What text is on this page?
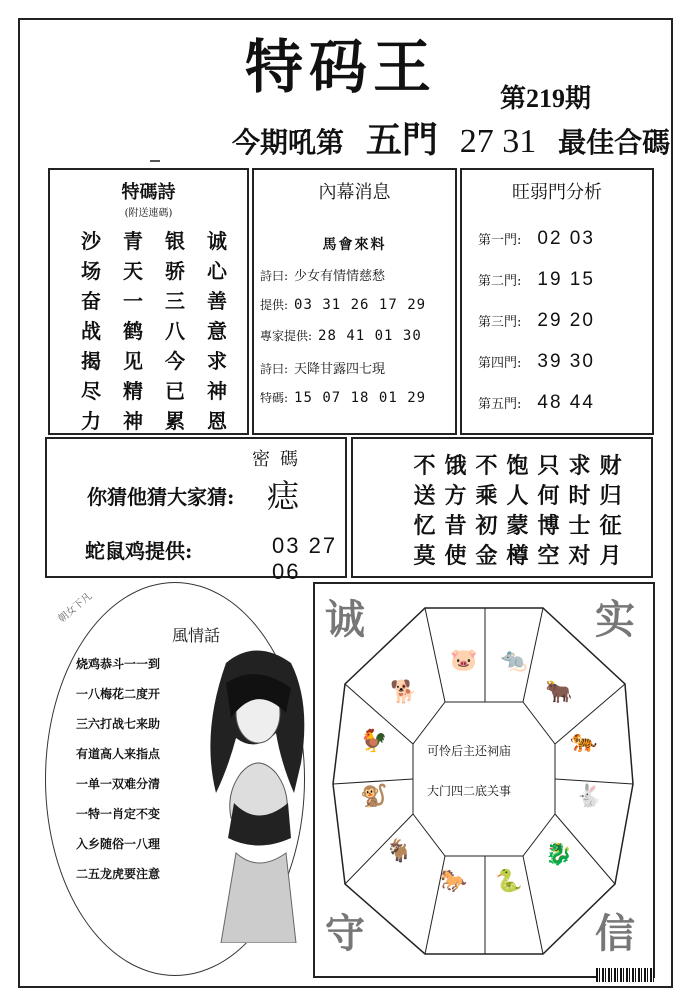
特码王 第219期
今期吼第 五門 27 31 最佳合碼
特碼詩
(附送連碼)
沙	青	银	诚
场	天	骄	心
奋	一	三	善
战	鹤	八	意
揭	见	今	求
尽	精	已	神
力	神	累	恩
內幕消息
馬會來料
詩曰: 少女有情情慈愁
提供: 03 31 26 17 29
專家提供: 28 41 01 30
詩曰: 天降甘露四七現
特碼: 15 07 18 01 29
旺弱門分析
第一門: 02 03
第二門: 19 15
第三門: 29 20
第四門: 39 30
第五門: 48 44
密碼
你猜他猜大家猜: 痣
蛇鼠鸡提供:	03 27 06
不 饿 不 饱 只 求 财
送 方 乘 人 何 时 归
忆 昔 初 蒙 博 士 征
莫 使 金 樽 空 对 月
朝女下凡
風情話
烧鸡恭斗一一到
一八梅花二度开
三六打战七来助
有道高人来指点
一单一双难分清
一特一肖定不变
入乡随俗一八理
二五龙虎要注意
诚	实
守	信
可怜后主还祠庙
大门四二底关事
🐷 🐀
🐂
🐅
🐇
🐉
🐍
🐎
🐐
🐒
🐓
🐕
